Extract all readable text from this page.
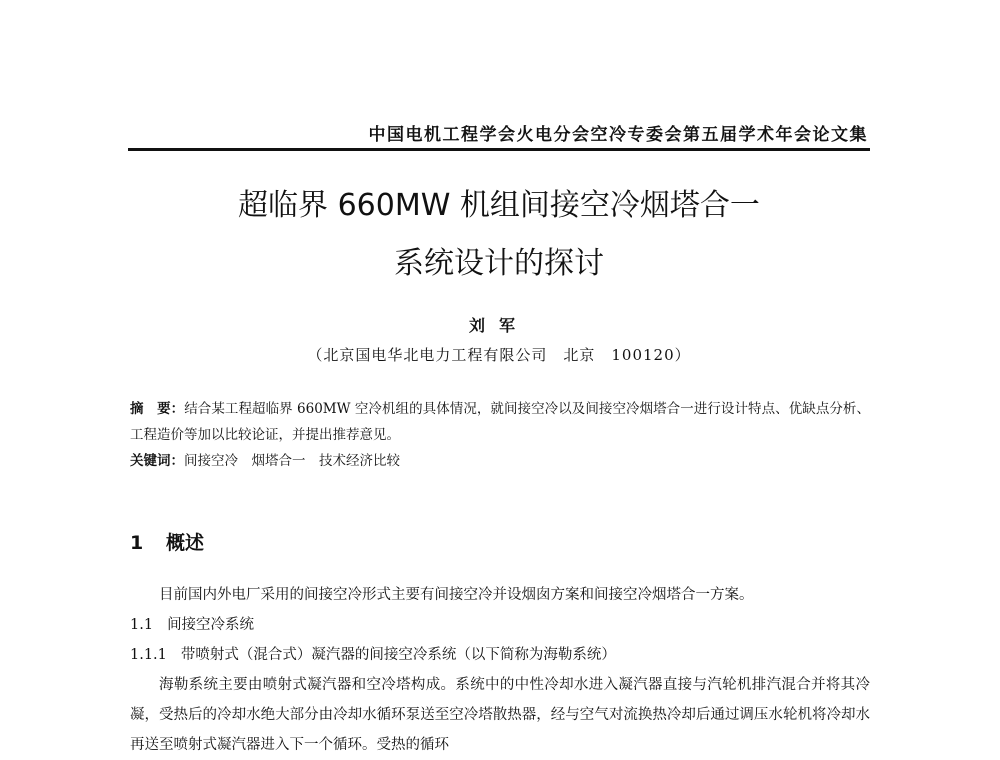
中国电机工程学会火电分会空冷专委会第五届学术年会论文集
超临界 660MW 机组间接空冷烟塔合一
系统设计的探讨
刘军
（北京国电华北电力工程有限公司　北京　100120）
摘　要：结合某工程超临界 660MW 空冷机组的具体情况，就间接空冷以及间接空冷烟塔合一进行设计特点、优缺点分析、工程造价等加以比较论证，并提出推荐意见。
关键词：间接空冷　烟塔合一　技术经济比较
1 概述
目前国内外电厂采用的间接空冷形式主要有间接空冷并设烟囱方案和间接空冷烟塔合一方案。
1.1 间接空冷系统
1.1.1 带喷射式（混合式）凝汽器的间接空冷系统（以下简称为海勒系统）
海勒系统主要由喷射式凝汽器和空冷塔构成。系统中的中性冷却水进入凝汽器直接与汽轮机排汽混合并将其冷凝，受热后的冷却水绝大部分由冷却水循环泵送至空冷塔散热器，经与空气对流换热冷却后通过调压水轮机将冷却水再送至喷射式凝汽器进入下一个循环。受热的循环
